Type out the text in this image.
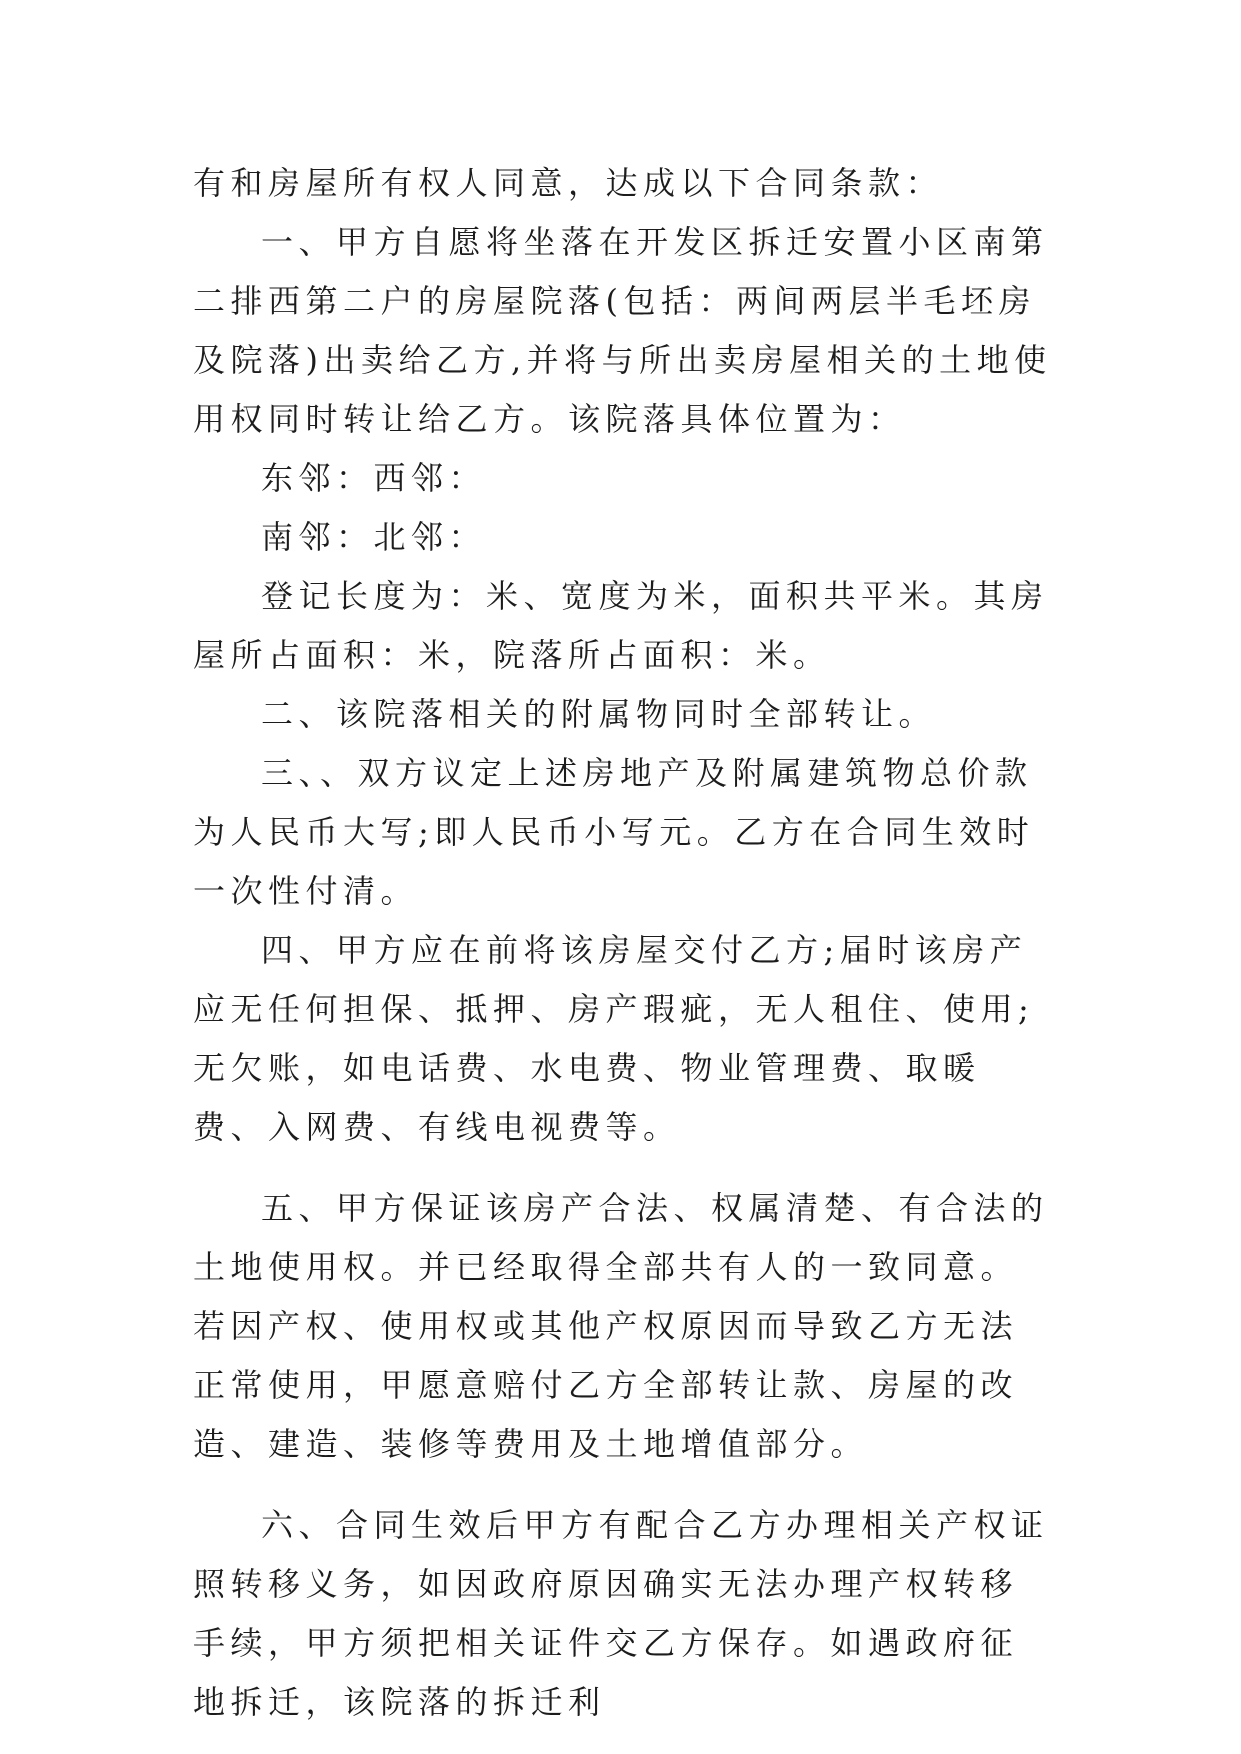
有和房屋所有权人同意，达成以下合同条款：

一、甲方自愿将坐落在开发区拆迁安置小区南第二排西第二户的房屋院落(包括：两间两层半毛坯房及院落)出卖给乙方,并将与所出卖房屋相关的土地使用权同时转让给乙方。该院落具体位置为：

东邻：西邻：

南邻：北邻：

登记长度为：米、宽度为米，面积共平米。其房屋所占面积：米，院落所占面积：米。

二、该院落相关的附属物同时全部转让。

三、、双方议定上述房地产及附属建筑物总价款为人民币大写;即人民币小写元。乙方在合同生效时一次性付清。

四、甲方应在前将该房屋交付乙方;届时该房产应无任何担保、抵押、房产瑕疵，无人租住、使用;无欠账，如电话费、水电费、物业管理费、取暖费、入网费、有线电视费等。

五、甲方保证该房产合法、权属清楚、有合法的土地使用权。并已经取得全部共有人的一致同意。若因产权、使用权或其他产权原因而导致乙方无法正常使用，甲愿意赔付乙方全部转让款、房屋的改造、建造、装修等费用及土地增值部分。

六、合同生效后甲方有配合乙方办理相关产权证照转移义务，如因政府原因确实无法办理产权转移手续，甲方须把相关证件交乙方保存。如遇政府征地拆迁，该院落的拆迁利
